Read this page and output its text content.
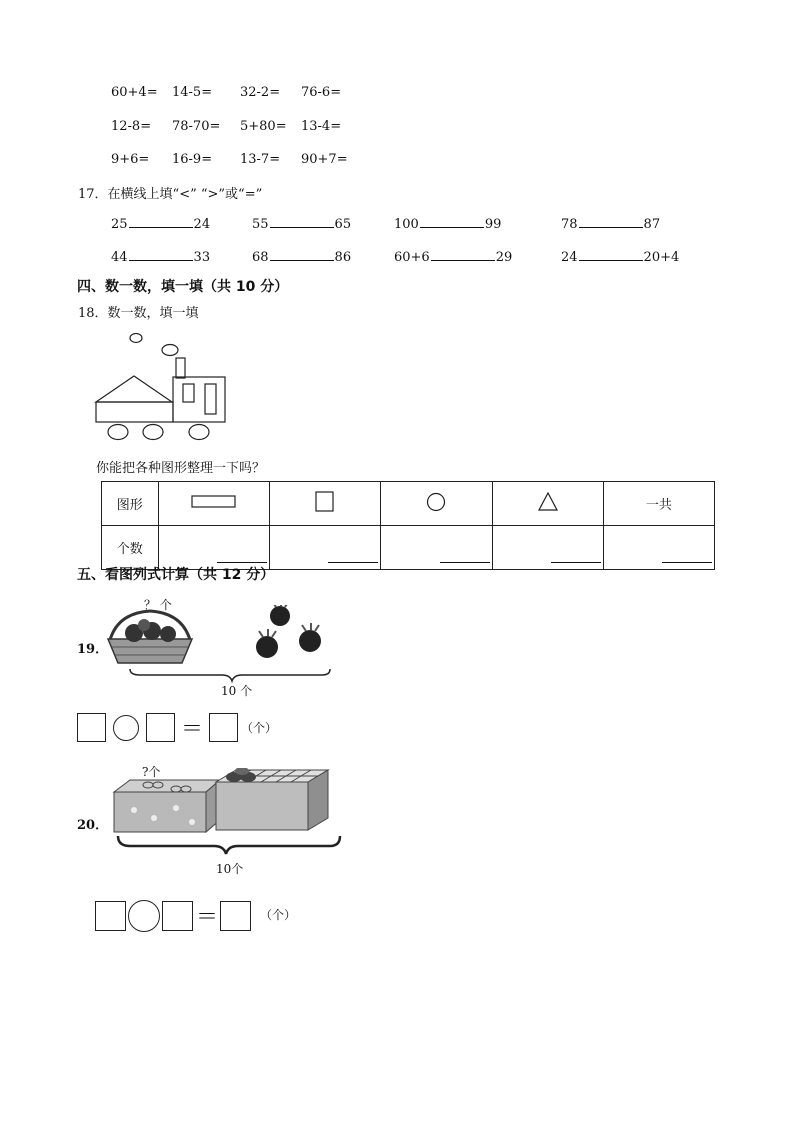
60+4= 14-5= 32-2= 76-6=
12-8= 78-70= 5+80= 13-4=
9+6= 16-9= 13-7= 90+7=
17．在横线上填“<” “>”或“=”
25	24	55	65	100	99	78	87
44	33	68	86	60+6	29	24	20+4
四、数一数，填一填（共 10 分）
18．数一数，填一填
你能把各种图形整理一下吗？
图形					一共
个数	

五、看图列式计算（共 12 分）
19．
？ 个
10 个
＝	（个）
20．
?个
10个
＝	（个）
